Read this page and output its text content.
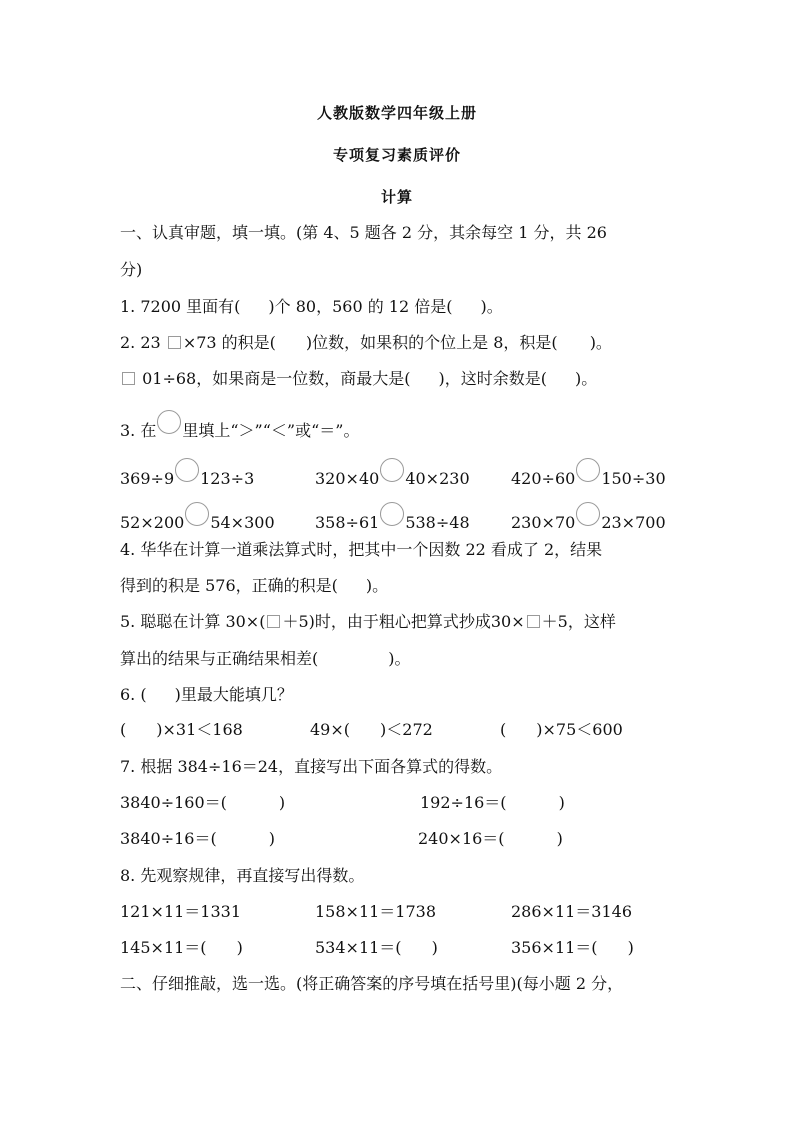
人教版数学四年级上册
专项复习素质评价
计算
一、认真审题，填一填。(第 4、5 题各 2 分，其余每空 1 分，共 26
分)
1. 7200 里面有( )个 80，560 的 12 倍是( )。
2. 23 ×73 的积是( )位数，如果积的个位上是 8，积是( )。
01÷68，如果商是一位数，商最大是( )，这时余数是( )。
3. 在 里填上“＞”“＜”或“＝”。
369÷9 123÷3	320×40 40×230	420÷60 150÷30
52×200 54×300	358÷61 538÷48	230×70 23×700
4. 华华在计算一道乘法算式时，把其中一个因数 22 看成了 2，结果
得到的积是 576，正确的积是( )。
5. 聪聪在计算 30×( ＋5)时，由于粗心把算式抄成30× ＋5，这样
算出的结果与正确结果相差(	)。
6. ( )里最大能填几？
( )×31＜168	49×( )＜272	( )×75＜600
7. 根据 384÷16＝24，直接写出下面各算式的得数。
3840÷160＝(	)	192÷16＝(	)
3840÷16＝(	)	240×16＝(	)
8. 先观察规律，再直接写出得数。
121×11＝1331	158×11＝1738	286×11＝3146
145×11＝( )	534×11＝( )	356×11＝( )
二、仔细推敲，选一选。(将正确答案的序号填在括号里)(每小题 2 分，
